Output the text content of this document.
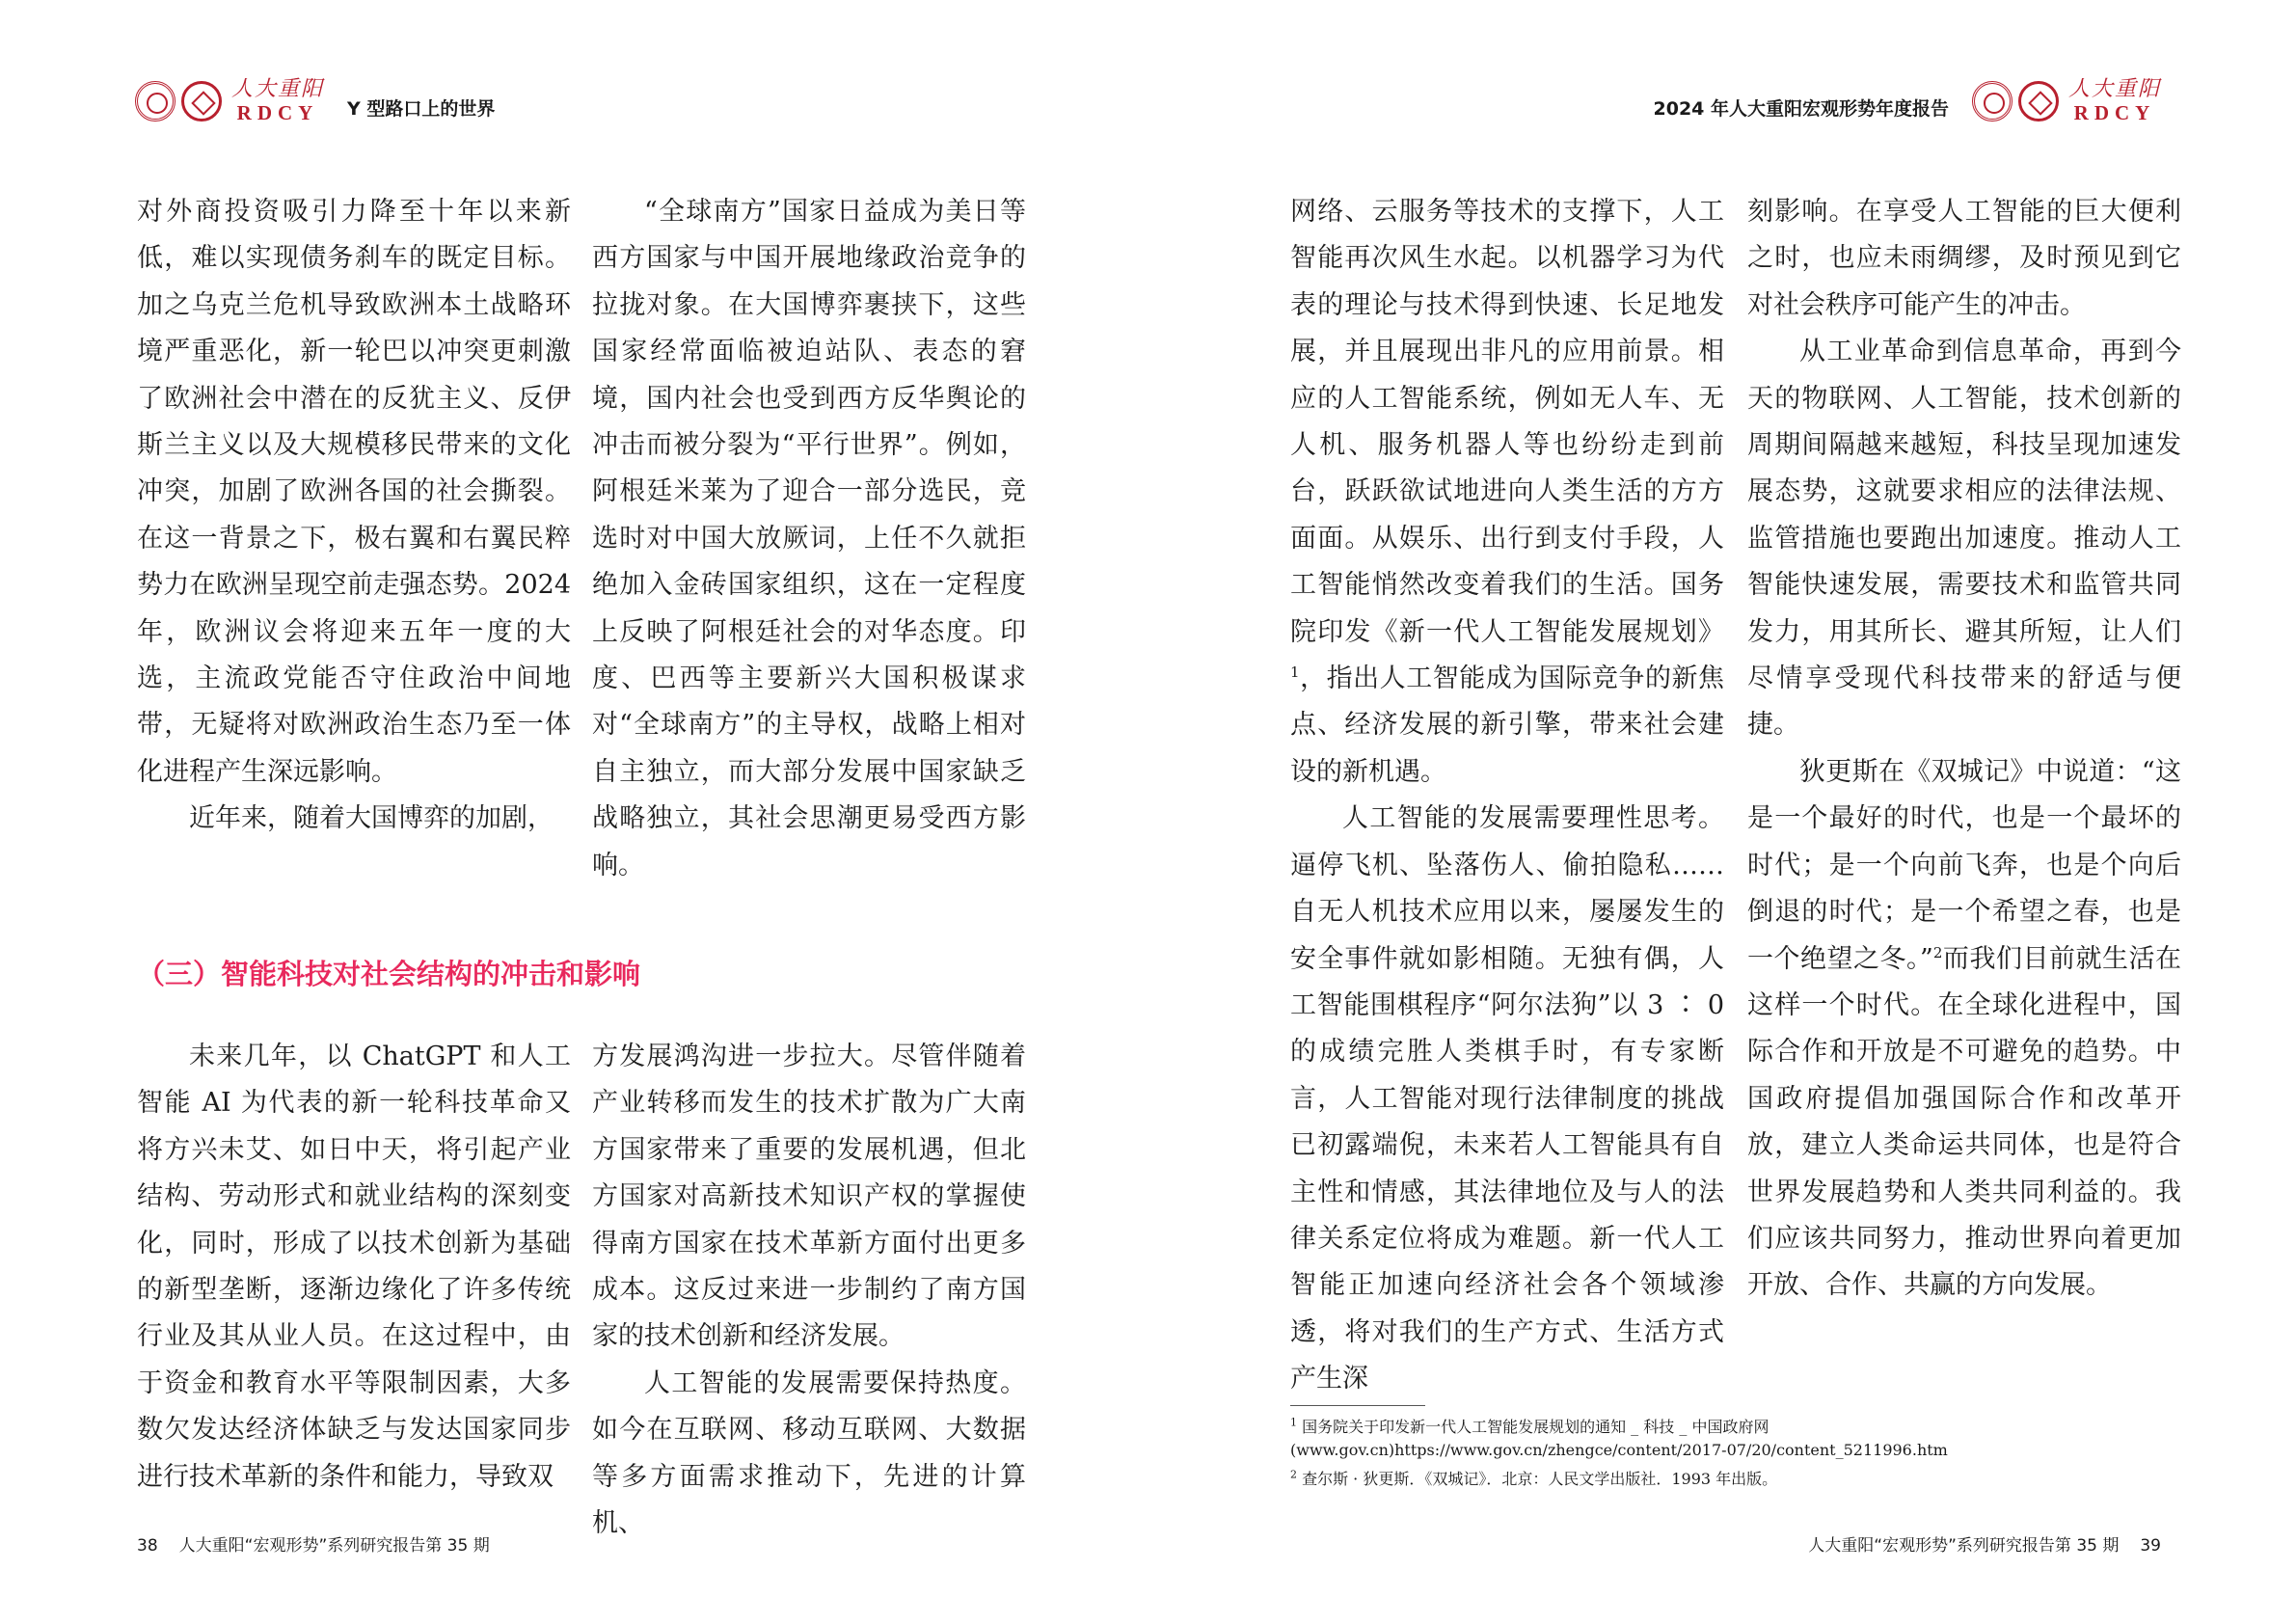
人大重阳
RDCY Y 型路口上的世界

对外商投资吸引力降至十年以来新低，难以实现债务刹车的既定目标。加之乌克兰危机导致欧洲本土战略环境严重恶化，新一轮巴以冲突更刺激了欧洲社会中潜在的反犹主义、反伊斯兰主义以及大规模移民带来的文化冲突，加剧了欧洲各国的社会撕裂。在这一背景之下，极右翼和右翼民粹势力在欧洲呈现空前走强态势。2024 年，欧洲议会将迎来五年一度的大选，主流政党能否守住政治中间地带，无疑将对欧洲政治生态乃至一体化进程产生深远影响。

近年来，随着大国博弈的加剧，

“全球南方”国家日益成为美日等西方国家与中国开展地缘政治竞争的拉拢对象。在大国博弈裹挟下，这些国家经常面临被迫站队、表态的窘境，国内社会也受到西方反华舆论的冲击而被分裂为“平行世界”。例如，阿根廷米莱为了迎合一部分选民，竞选时对中国大放厥词，上任不久就拒绝加入金砖国家组织，这在一定程度上反映了阿根廷社会的对华态度。印度、巴西等主要新兴大国积极谋求对“全球南方”的主导权，战略上相对自主独立，而大部分发展中国家缺乏战略独立，其社会思潮更易受西方影响。

（三）智能科技对社会结构的冲击和影响

未来几年，以 ChatGPT 和人工智能 AI 为代表的新一轮科技革命又将方兴未艾、如日中天，将引起产业结构、劳动形式和就业结构的深刻变化，同时，形成了以技术创新为基础的新型垄断，逐渐边缘化了许多传统行业及其从业人员。在这过程中，由于资金和教育水平等限制因素，大多数欠发达经济体缺乏与发达国家同步进行技术革新的条件和能力，导致双

方发展鸿沟进一步拉大。尽管伴随着产业转移而发生的技术扩散为广大南方国家带来了重要的发展机遇，但北方国家对高新技术知识产权的掌握使得南方国家在技术革新方面付出更多成本。这反过来进一步制约了南方国家的技术创新和经济发展。

人工智能的发展需要保持热度。如今在互联网、移动互联网、大数据等多方面需求推动下，先进的计算机、

38 人大重阳“宏观形势”系列研究报告第 35 期
2024 年人大重阳宏观形势年度报告
人大重阳
RDCY

网络、云服务等技术的支撑下，人工智能再次风生水起。以机器学习为代表的理论与技术得到快速、长足地发展，并且展现出非凡的应用前景。相应的人工智能系统，例如无人车、无人机、服务机器人等也纷纷走到前台，跃跃欲试地进向人类生活的方方面面。从娱乐、出行到支付手段，人工智能悄然改变着我们的生活。国务院印发《新一代人工智能发展规划》$^1$，指出人工智能成为国际竞争的新焦点、经济发展的新引擎，带来社会建设的新机遇。

人工智能的发展需要理性思考。逼停飞机、坠落伤人、偷拍隐私……自无人机技术应用以来，屡屡发生的安全事件就如影相随。无独有偶，人工智能围棋程序“阿尔法狗”以 3 ∶ 0 的成绩完胜人类棋手时，有专家断言，人工智能对现行法律制度的挑战已初露端倪，未来若人工智能具有自主性和情感，其法律地位及与人的法律关系定位将成为难题。新一代人工智能正加速向经济社会各个领域渗透，将对我们的生产方式、生活方式产生深

刻影响。在享受人工智能的巨大便利之时，也应未雨绸缪，及时预见到它对社会秩序可能产生的冲击。

从工业革命到信息革命，再到今天的物联网、人工智能，技术创新的周期间隔越来越短，科技呈现加速发展态势，这就要求相应的法律法规、监管措施也要跑出加速度。推动人工智能快速发展，需要技术和监管共同发力，用其所长、避其所短，让人们尽情享受现代科技带来的舒适与便捷。

狄更斯在《双城记》中说道：“这是一个最好的时代，也是一个最坏的时代；是一个向前飞奔，也是个向后倒退的时代；是一个希望之春，也是一个绝望之冬。”$^2$而我们目前就生活在这样一个时代。在全球化进程中，国际合作和开放是不可避免的趋势。中国政府提倡加强国际合作和改革开放，建立人类命运共同体，也是符合世界发展趋势和人类共同利益的。我们应该共同努力，推动世界向着更加开放、合作、共赢的方向发展。

人大重阳“宏观形势”系列研究报告第 35 期 39

$^1$ 国务院关于印发新一代人工智能发展规划的通知 _ 科技 _ 中国政府网 (www.gov.cn)https://www.gov.cn/zhengce/content/2017-07/20/content_5211996.htm

$^2$ 查尔斯 · 狄更斯．《双城记》．北京：人民文学出版社．1993 年出版。
